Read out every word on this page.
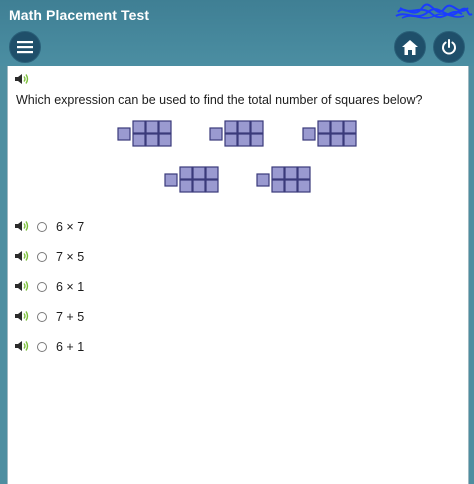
Math Placement Test
Which expression can be used to find the total number of squares below?
6 × 7
7 × 5
6 × 1
7 + 5
6 + 1
